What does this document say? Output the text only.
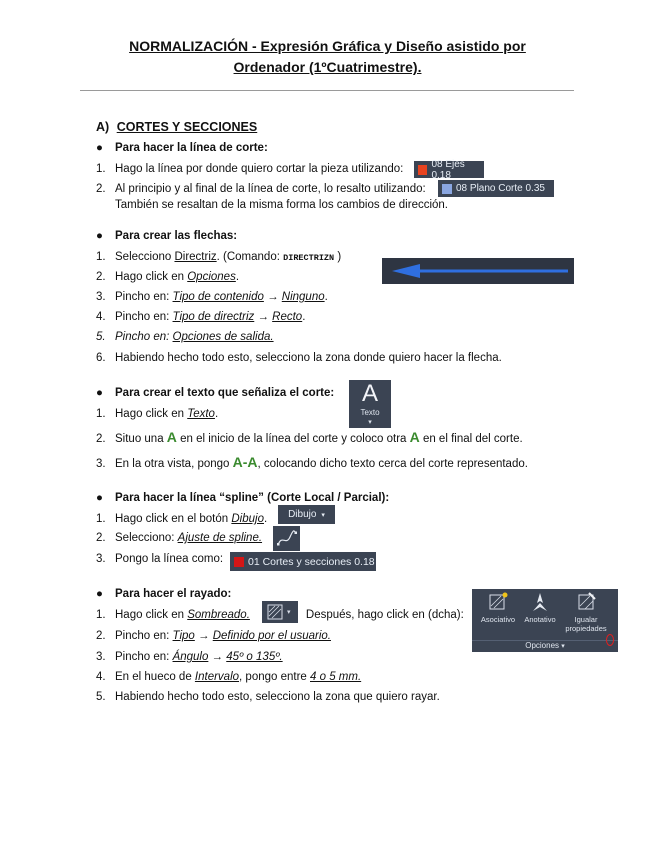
NORMALIZACIÓN - Expresión Gráfica y Diseño asistido por
Ordenador (1ºCuatrimestre).
A) CORTES Y SECCIONES
● Para hacer la línea de corte:
1. Hago la línea por donde quiero cortar la pieza utilizando:	08 Ejes 0.18
2. Al principio y al final de la línea de corte, lo resalto utilizando:
También se resaltan de la misma forma los cambios de dirección.
08 Plano Corte 0.35
● Para crear las flechas:
1. Selecciono Directriz. (Comando: DIRECTRIZN )
2. Hago click en Opciones.
3. Pincho en: Tipo de contenido → Ninguno.
4. Pincho en: Tipo de directriz → Recto.
5. Pincho en: Opciones de salida.
6. Habiendo hecho todo esto, selecciono la zona donde quiero hacer la flecha.
● Para crear el texto que señaliza el corte:	A
Texto
▾
1. Hago click en Texto.
2. Situo una A en el inicio de la línea del corte y coloco otra A en el final del corte.
3. En la otra vista, pongo A-A, colocando dicho texto cerca del corte representado.
● Para hacer la línea “spline” (Corte Local / Parcial):
1. Hago click en el botón Dibujo. Dibujo ▾
2. Selecciono: Ajuste de spline.
3. Pongo la línea como: 01 Cortes y secciones 0.18
● Para hacer el rayado:
1. Hago click en Sombreado.	Después, hago click en (dcha):
▾
2. Pincho en: Tipo → Definido por el usuario.
3. Pincho en: Ángulo → 45º o 135º.
4. En el hueco de Intervalo, pongo entre 4 o 5 mm.
5. Habiendo hecho todo esto, selecciono la zona que quiero rayar.
Asociativo	Anotativo	Igualar
propiedades
Opciones ▾
